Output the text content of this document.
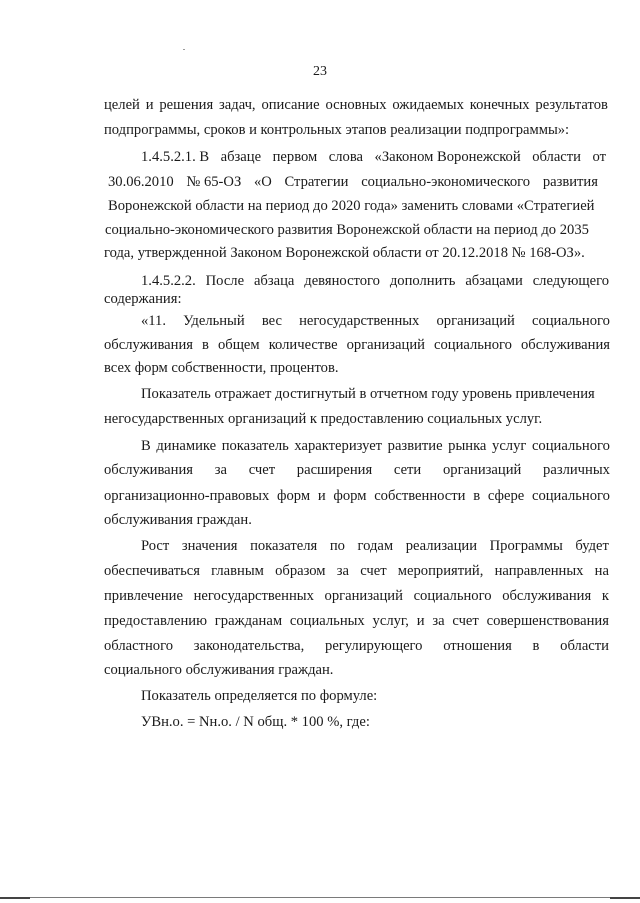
23
целей и решения задач, описание основных ожидаемых конечных результатов
подпрограммы, сроков и контрольных этапов реализации подпрограммы»:
1.4.5.2.1. В абзаце первом слова «Законом Воронежской области от
30.06.2010 № 65-ОЗ «О Стратегии социально-экономического развития
Воронежской области на период до 2020 года» заменить словами «Стратегией
социально-экономического развития Воронежской области на период до 2035
года, утвержденной Законом Воронежской области от 20.12.2018 № 168-ОЗ».
1.4.5.2.2. После абзаца девяностого дополнить абзацами следующего
содержания:
«11. Удельный вес негосударственных организаций социального
обслуживания в общем количестве организаций социального обслуживания
всех форм собственности, процентов.
Показатель отражает достигнутый в отчетном году уровень привлечения
негосударственных организаций к предоставлению социальных услуг.
В динамике показатель характеризует развитие рынка услуг социального
обслуживания за счет расширения сети организаций различных
организационно-правовых форм и форм собственности в сфере социального
обслуживания граждан.
Рост значения показателя по годам реализации Программы будет
обеспечиваться главным образом за счет мероприятий, направленных на
привлечение негосударственных организаций социального обслуживания к
предоставлению гражданам социальных услуг, и за счет совершенствования
областного законодательства, регулирующего отношения в области
социального обслуживания граждан.
Показатель определяется по формуле:
УВн.о. = Nн.о. / N общ. * 100 %, где:
